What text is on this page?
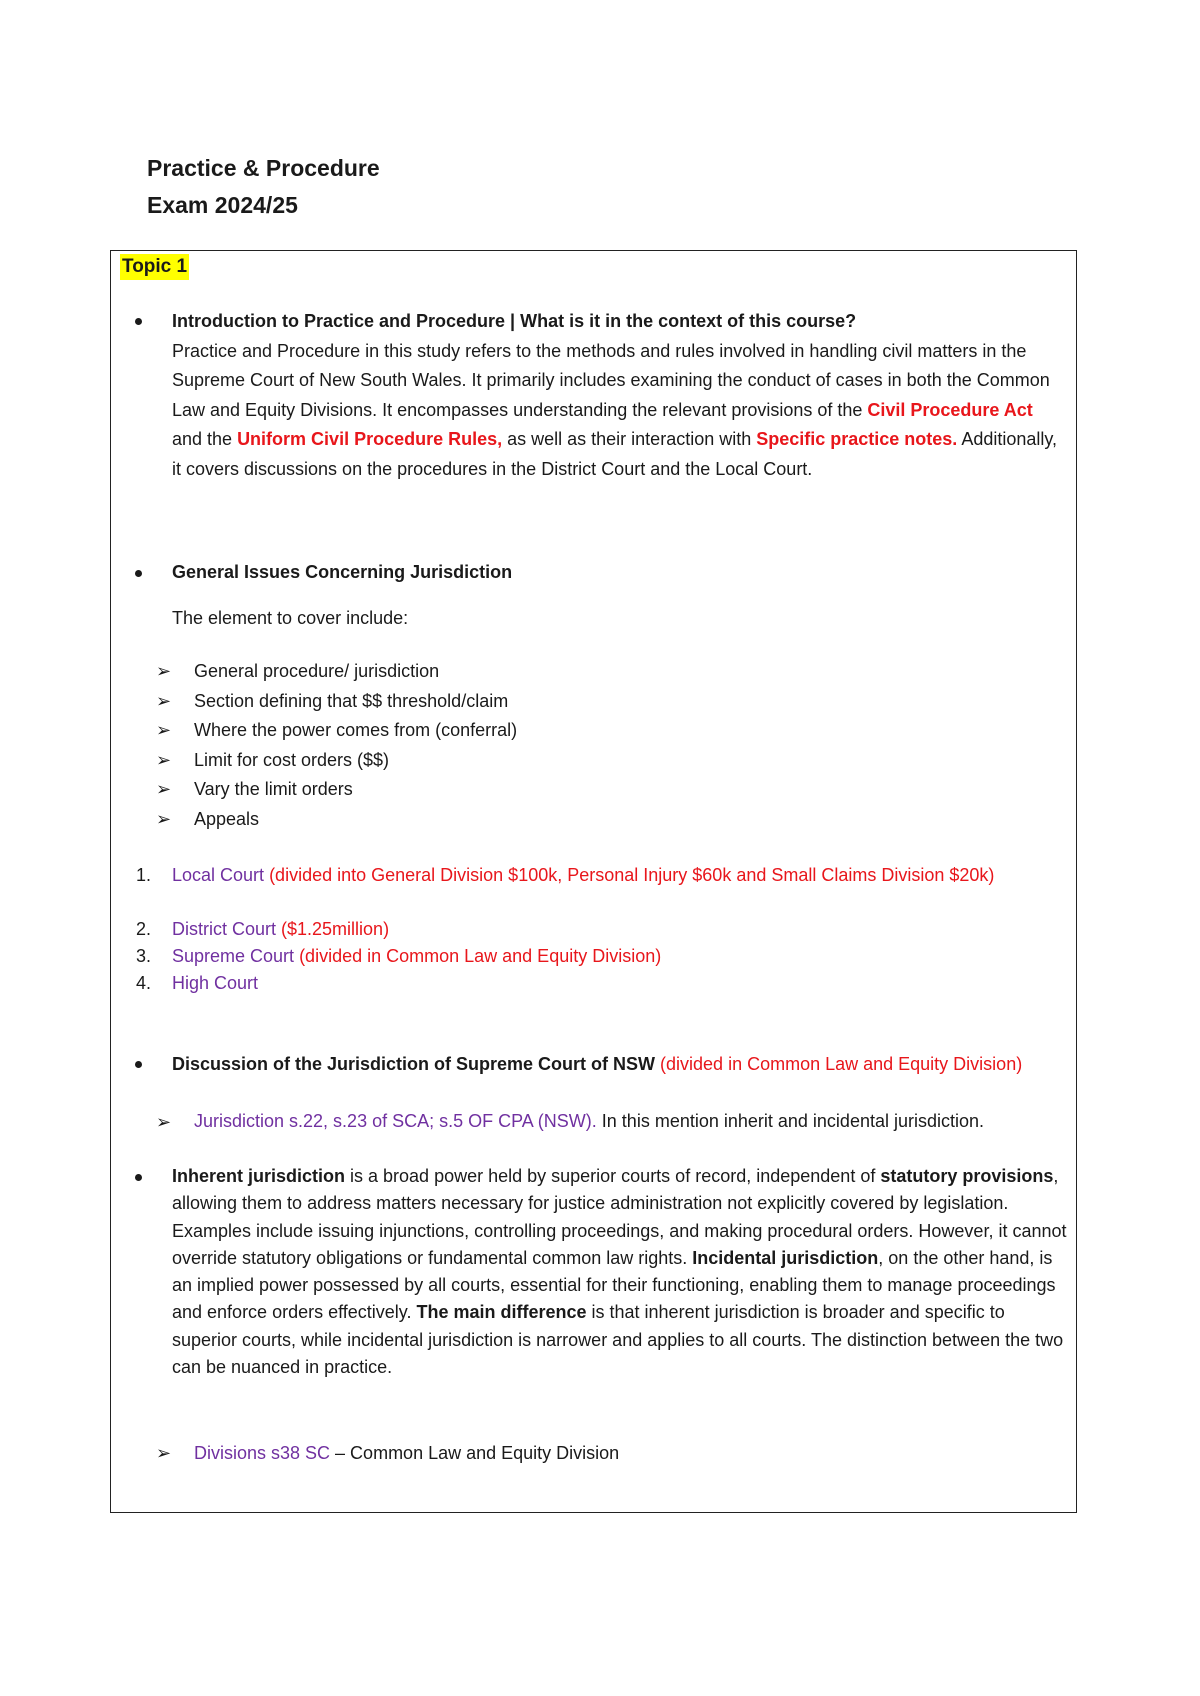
Practice & Procedure
Exam 2024/25
Topic 1
Introduction to Practice and Procedure | What is it in the context of this course?
Practice and Procedure in this study refers to the methods and rules involved in handling civil matters in the Supreme Court of New South Wales. It primarily includes examining the conduct of cases in both the Common Law and Equity Divisions. It encompasses understanding the relevant provisions of the Civil Procedure Act and the Uniform Civil Procedure Rules, as well as their interaction with Specific practice notes. Additionally, it covers discussions on the procedures in the District Court and the Local Court.
General Issues Concerning Jurisdiction
The element to cover include:
➢ General procedure/ jurisdiction
➢ Section defining that $$ threshold/claim
➢ Where the power comes from (conferral)
➢ Limit for cost orders ($$)
➢ Vary the limit orders
➢ Appeals
1. Local Court (divided into General Division $100k, Personal Injury $60k and Small Claims Division $20k)
2. District Court ($1.25million)
3. Supreme Court (divided in Common Law and Equity Division)
4. High Court
Discussion of the Jurisdiction of Supreme Court of NSW (divided in Common Law and Equity Division)
➢ Jurisdiction s.22, s.23 of SCA; s.5 OF CPA (NSW). In this mention inherit and incidental jurisdiction.
Inherent jurisdiction is a broad power held by superior courts of record, independent of statutory provisions, allowing them to address matters necessary for justice administration not explicitly covered by legislation. Examples include issuing injunctions, controlling proceedings, and making procedural orders. However, it cannot override statutory obligations or fundamental common law rights. Incidental jurisdiction, on the other hand, is an implied power possessed by all courts, essential for their functioning, enabling them to manage proceedings and enforce orders effectively. The main difference is that inherent jurisdiction is broader and specific to superior courts, while incidental jurisdiction is narrower and applies to all courts. The distinction between the two can be nuanced in practice.
➢ Divisions s38 SC – Common Law and Equity Division
